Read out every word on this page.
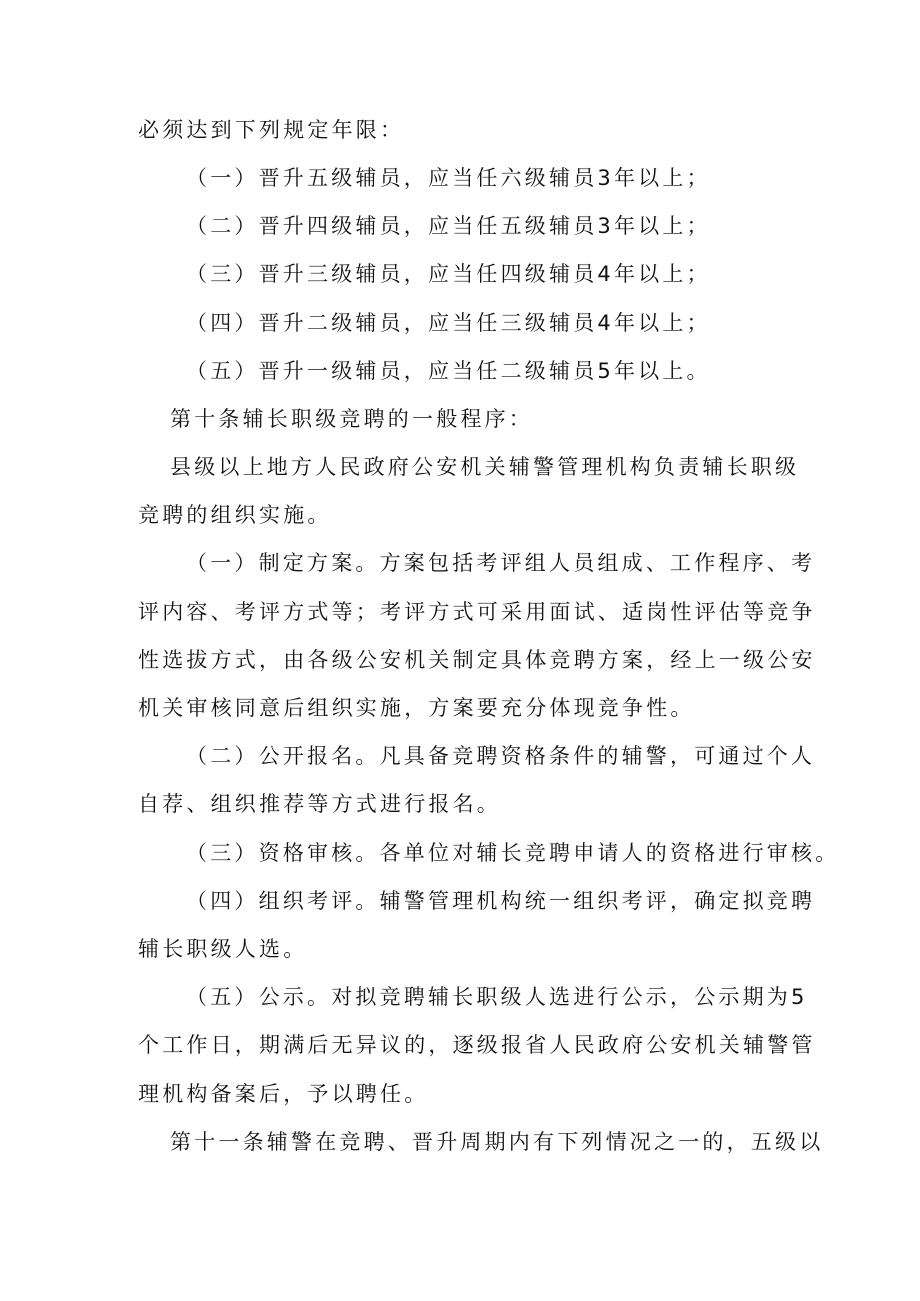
必须达到下列规定年限：
（一）晋升五级辅员，应当任六级辅员3年以上；
（二）晋升四级辅员，应当任五级辅员3年以上；
（三）晋升三级辅员，应当任四级辅员4年以上；
（四）晋升二级辅员，应当任三级辅员4年以上；
（五）晋升一级辅员，应当任二级辅员5年以上。
第十条辅长职级竞聘的一般程序：
县级以上地方人民政府公安机关辅警管理机构负责辅长职级
竞聘的组织实施。
（一）制定方案。方案包括考评组人员组成、工作程序、考
评内容、考评方式等；考评方式可采用面试、适岗性评估等竞争
性选拔方式，由各级公安机关制定具体竞聘方案，经上一级公安
机关审核同意后组织实施，方案要充分体现竞争性。
（二）公开报名。凡具备竞聘资格条件的辅警，可通过个人
自荐、组织推荐等方式进行报名。
（三）资格审核。各单位对辅长竞聘申请人的资格进行审核。
（四）组织考评。辅警管理机构统一组织考评，确定拟竞聘
辅长职级人选。
（五）公示。对拟竞聘辅长职级人选进行公示，公示期为5
个工作日，期满后无异议的，逐级报省人民政府公安机关辅警管
理机构备案后，予以聘任。
第十一条辅警在竞聘、晋升周期内有下列情况之一的，五级以
